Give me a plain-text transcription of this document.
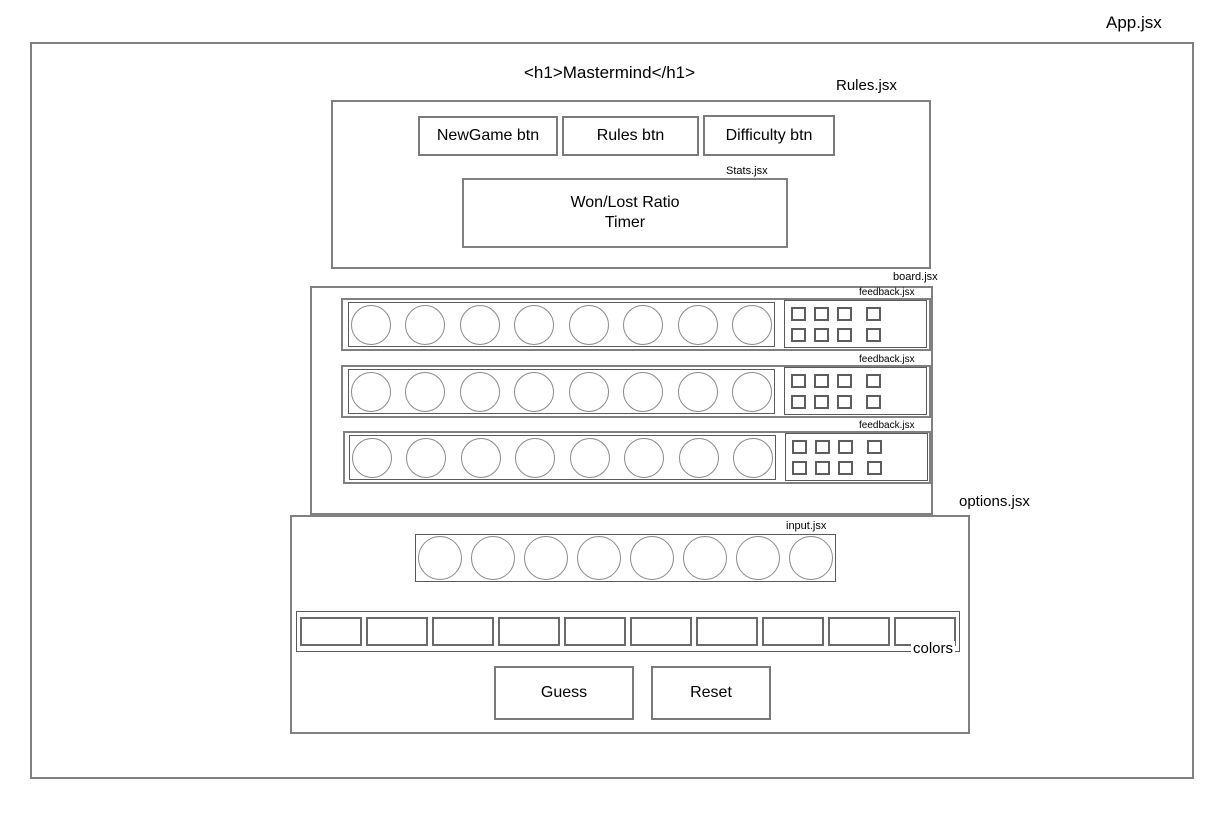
App.jsx
<h1>Mastermind</h1>
Rules.jsx
NewGame btn	Rules btn	Difficulty btn
Stats.jsx
Won/Lost Ratio
Timer
board.jsx
feedback.jsx
feedback.jsx
feedback.jsx
options.jsx
input.jsx
colors
Guess	Reset
